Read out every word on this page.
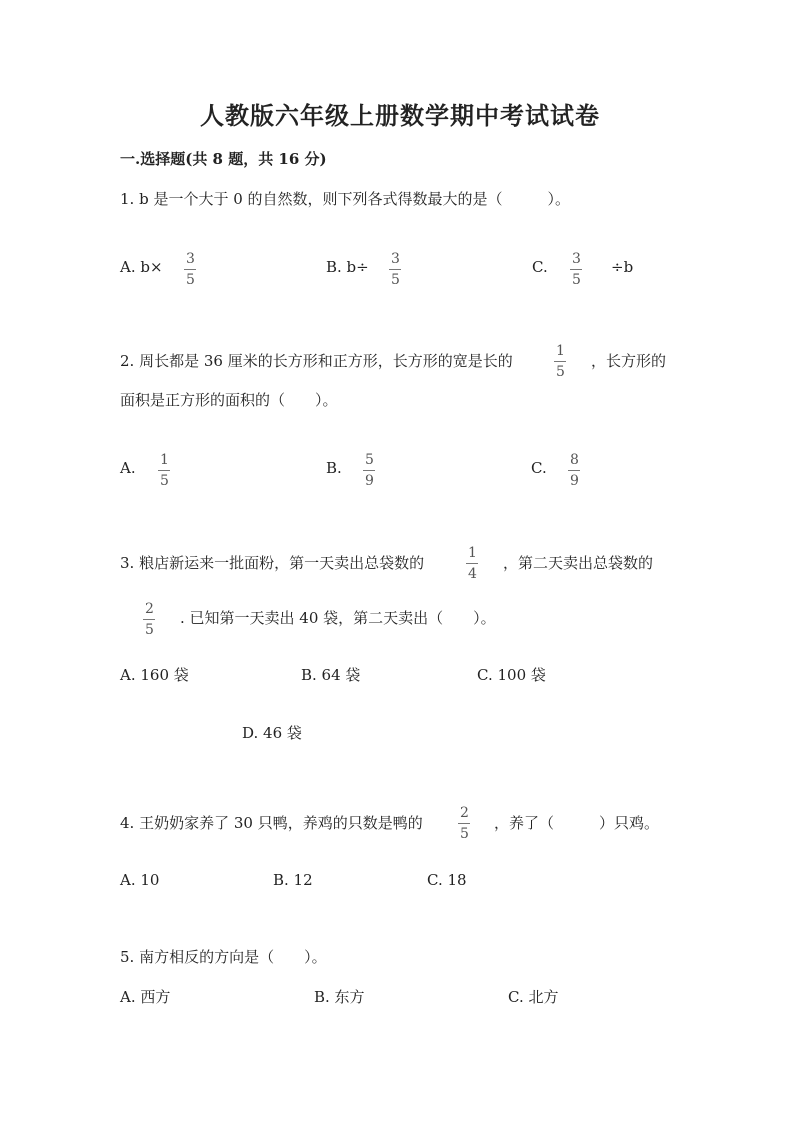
人教版六年级上册数学期中考试试卷
一.选择题(共 8 题，共 16 分)
1. b 是一个大于 0 的自然数，则下列各式得数最大的是（　　　）。
A. b× 3
5
B. b÷ 3
5
C. 3
5
÷b
2. 周长都是 36 厘米的长方形和正方形，长方形的宽是长的
1
5
，长方形的
面积是正方形的面积的（　　）。
A. 1
5
B. 5
9
C. 8
9
3. 粮店新运来一批面粉，第一天卖出总袋数的
1
4
，第二天卖出总袋数的
2
5
. 已知第一天卖出 40 袋，第二天卖出（　　）。
A. 160 袋	B. 64 袋	C. 100 袋
D. 46 袋
4. 王奶奶家养了 30 只鸭，养鸡的只数是鸭的
2
5
，养了（　　　）只鸡。
A. 10	B. 12	C. 18
5. 南方相反的方向是（　　）。
A. 西方	B. 东方	C. 北方
